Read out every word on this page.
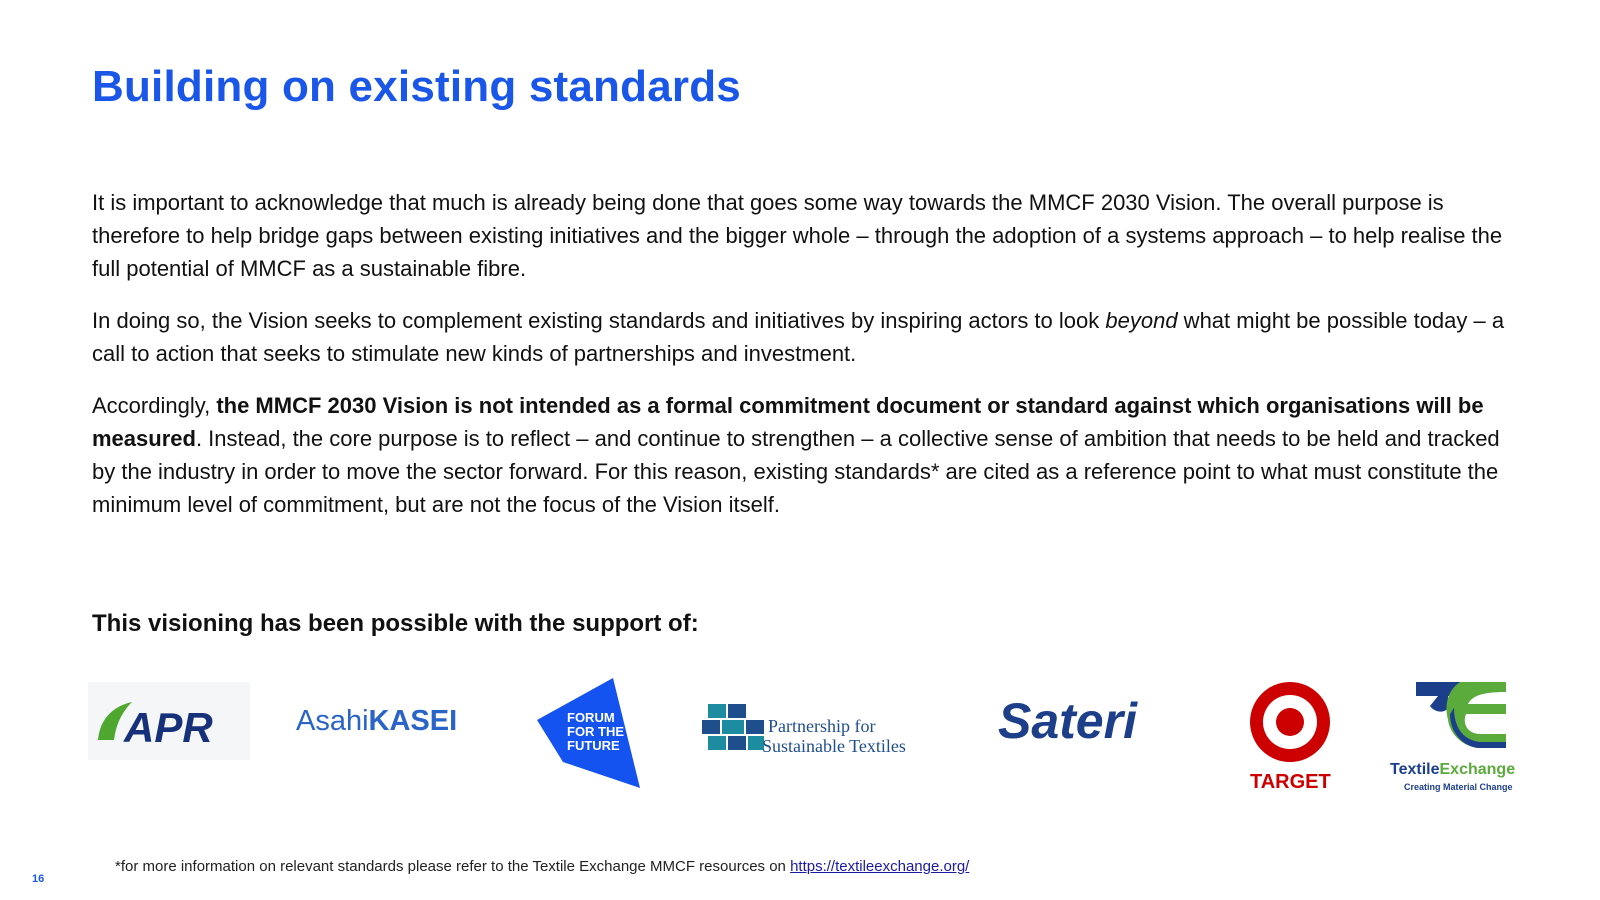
Building on existing standards

It is important to acknowledge that much is already being done that goes some way towards the MMCF 2030 Vision. The overall purpose is therefore to help bridge gaps between existing initiatives and the bigger whole – through the adoption of a systems approach – to help realise the full potential of MMCF as a sustainable fibre.

In doing so, the Vision seeks to complement existing standards and initiatives by inspiring actors to look beyond what might be possible today – a call to action that seeks to stimulate new kinds of partnerships and investment.

Accordingly, the MMCF 2030 Vision is not intended as a formal commitment document or standard against which organisations will be measured. Instead, the core purpose is to reflect – and continue to strengthen – a collective sense of ambition that needs to be held and tracked by the industry in order to move the sector forward. For this reason, existing standards* are cited as a reference point to what must constitute the minimum level of commitment, but are not the focus of the Vision itself.

This visioning has been possible with the support of:
APR	AsahiKASEI	FORUM
FOR THE
FUTURE
Partnership for
Sustainable Textiles Sateri
TARGET
TextileExchange
Creating Material Change
*for more information on relevant standards please refer to the Textile Exchange MMCF resources on https://textileexchange.org/
16
